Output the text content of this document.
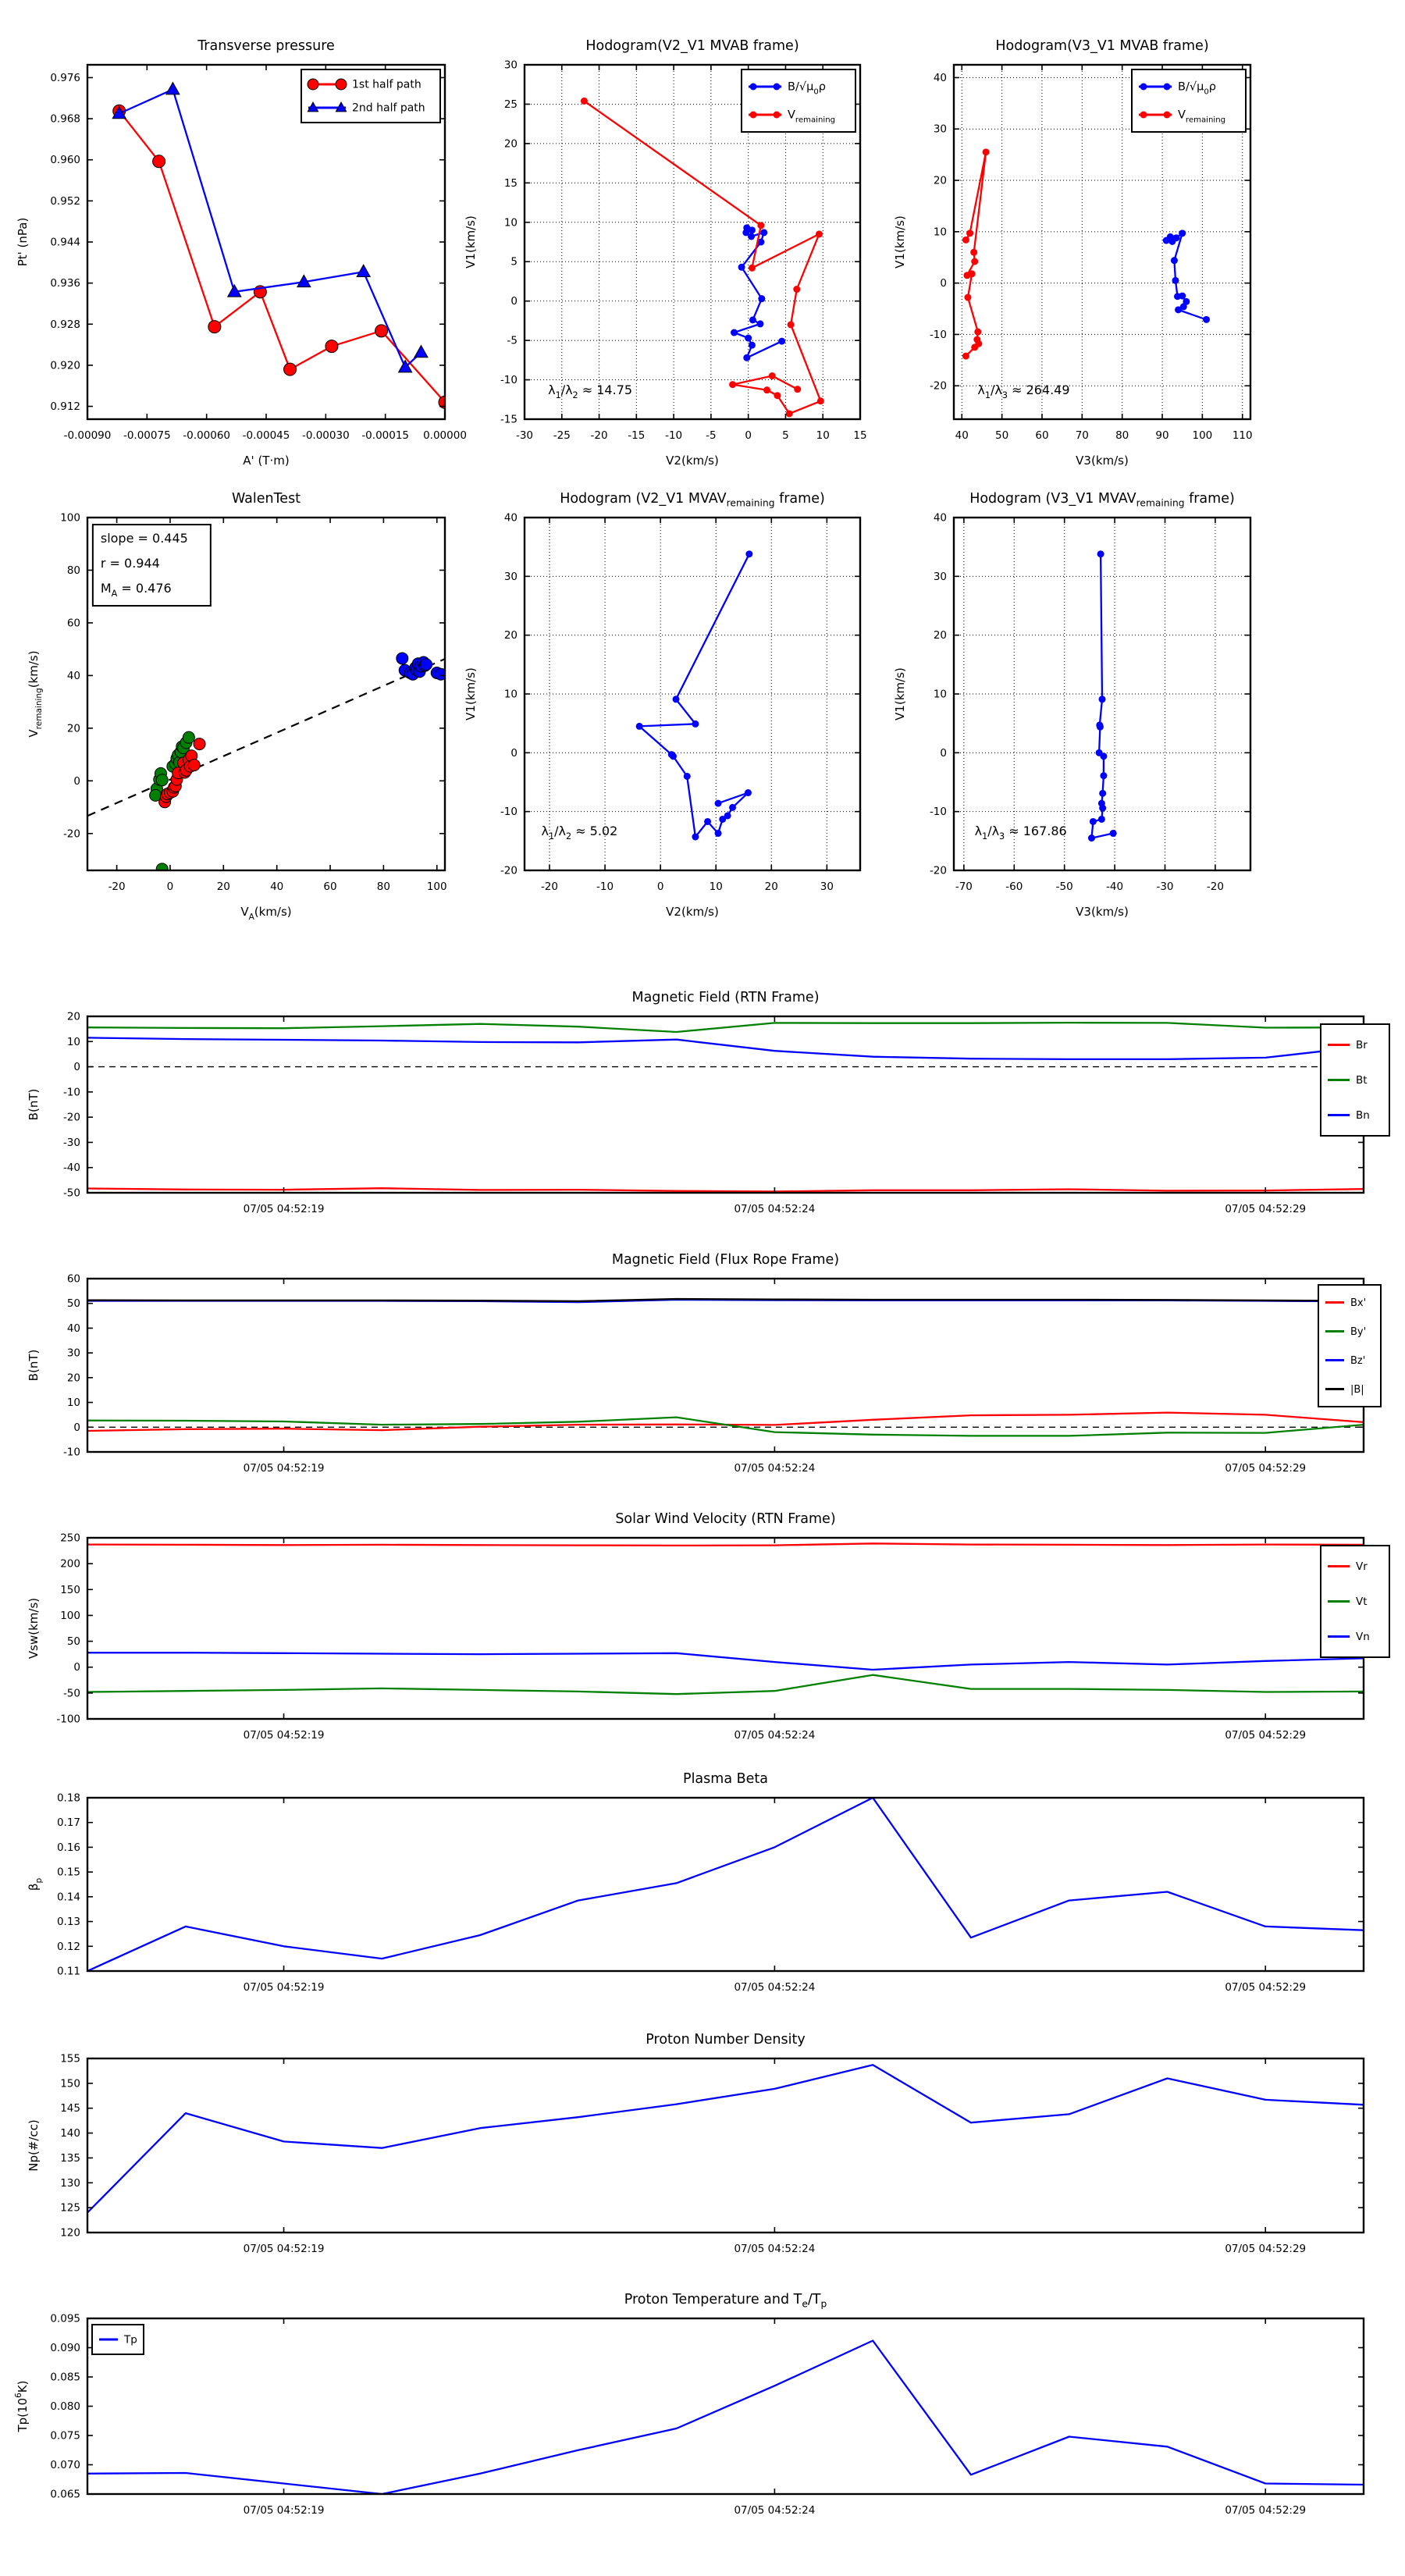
-0.00090 -0.00075 -0.00060 -0.00045 -0.00030 -0.00015 0.00000
0.912
0.920
0.928
0.936
0.944
0.952
0.960
0.968
0.976
A' (T·m)
Pt' (nPa)
1st half path
2nd half path
-30 -25 -20 -15 -10 -5	0	5	10 15
-15
-10
-5
0
5
10
15
20
25
30
V2(km/s)
V1(km/s)
$\lambda_1/\lambda_2 \approx 14.75$
$B/√\mu_0\rho$
$V_{remaining}$
40	50	60	70	80	90 100 110
-20
-10
0
10
20
30
40
V3(km/s)
V1(km/s)
$\lambda_1/\lambda_3 \approx 264.49$
$B/√\mu_0\rho$
$V_{remaining}$
-20	0	20	40	60	80	100
-20
0
20
40
60
80
100
$V_A(km/s)$
$V_{remaining}(km/s)$
slope = 0.445
r = 0.944
$M_A = 0.476$
-20	-10	0	10	20	30
-20
-10
0
10
20
30
40
V2(km/s)
V1(km/s)
$\lambda_1/\lambda_2 \approx 5.02$
-70	-60	-50	-40	-30	-20
-20
-10
0
10
20
30
40
V3(km/s)
V1(km/s)
$\lambda_1/\lambda_3 \approx 167.86$
07/05 04:52:19	07/05 04:52:24	07/05 04:52:29
-50
-40
-30
-20
-10
0
10
20
B(nT)
Br
Bt
Bn
07/05 04:52:19	07/05 04:52:24	07/05 04:52:29
-10
0
10
20
30
40
50
60
B(nT)
Bx'
By'
Bz'
|B|
07/05 04:52:19	07/05 04:52:24	07/05 04:52:29
-100
-50
0
50
100
150
200
250
Vsw(km/s)
Vr
Vt
Vn
07/05 04:52:19	07/05 04:52:24	07/05 04:52:29
0.11
0.12
0.13
0.14
0.15
0.16
0.17
0.18
$\beta_p$
07/05 04:52:19	07/05 04:52:24	07/05 04:52:29
120
125
130
135
140
145
150
155
Np(#/cc)
07/05 04:52:19	07/05 04:52:24	07/05 04:52:29
0.065
0.070
0.075
0.080
0.085
0.090
0.095
$Tp(10^6K)$
Tp
Transverse pressure	Hodogram(V2_V1 MVAB frame)	Hodogram(V3_V1 MVAB frame)
WalenTest	Hodogram (V2_V1 $MVAV_{remaining}$ frame)	Hodogram (V3_V1 $MVAV_{remaining}$ frame)
Magnetic Field (RTN Frame)
Magnetic Field (Flux Rope Frame)
Solar Wind Velocity (RTN Frame)
Plasma Beta
Proton Number Density
Proton Temperature and $T_e/T_p$
